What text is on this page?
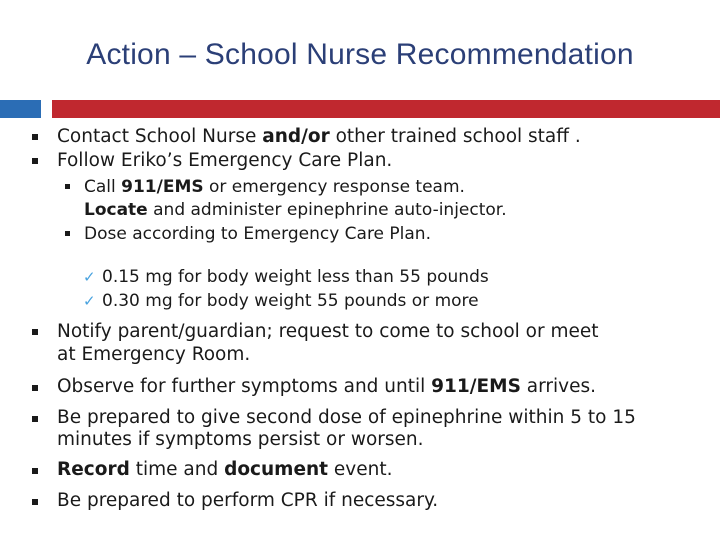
Action – School Nurse Recommendation
Contact School Nurse and/or other trained school staff .
Follow Eriko’s Emergency Care Plan.
Call 911/EMS or emergency response team.
Locate and administer epinephrine auto-injector.
Dose according to Emergency Care Plan.
✓ 0.15 mg for body weight less than 55 pounds
✓ 0.30 mg for body weight 55 pounds or more
Notify parent/guardian; request to come to school or meet
at Emergency Room.
Observe for further symptoms and until 911/EMS arrives.
Be prepared to give second dose of epinephrine within 5 to 15
minutes if symptoms persist or worsen.
Record time and document event.
Be prepared to perform CPR if necessary.
